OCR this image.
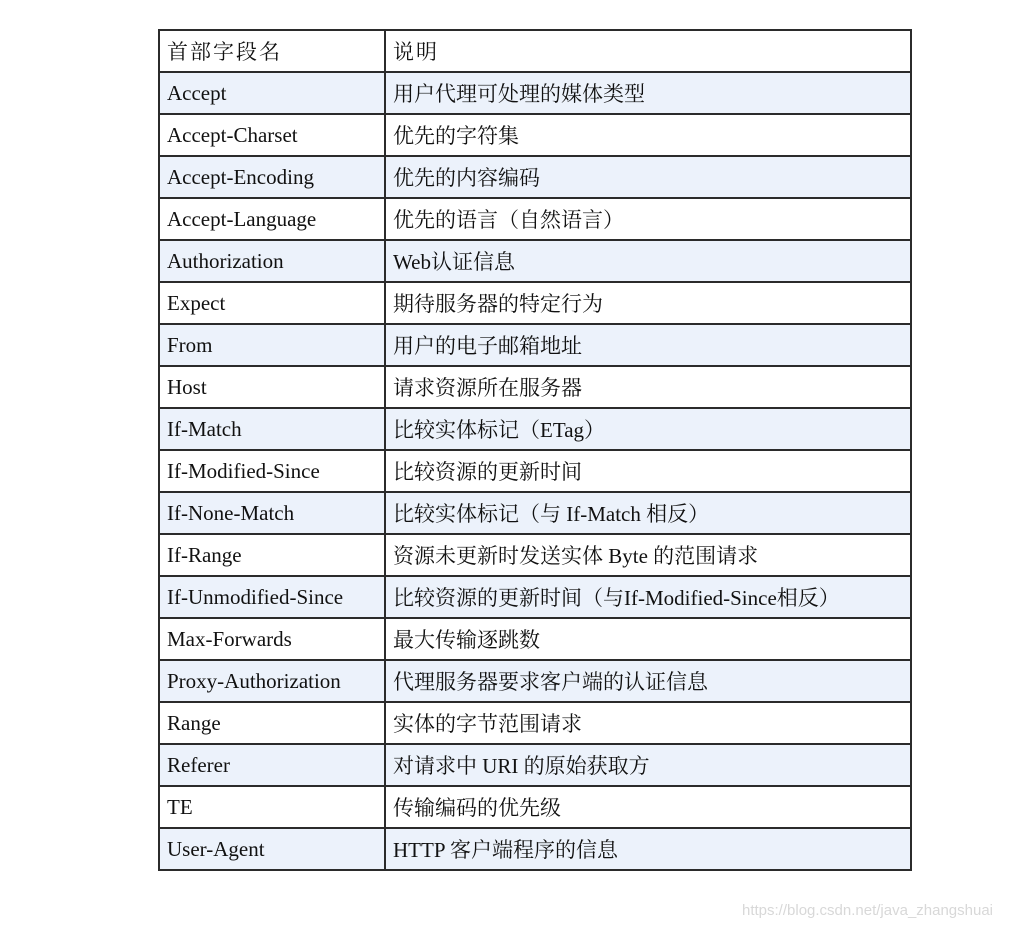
首部字段名	说明
Accept	用户代理可处理的媒体类型
Accept-Charset	优先的字符集
Accept-Encoding	优先的内容编码
Accept-Language	优先的语言（自然语言）
Authorization	Web认证信息
Expect	期待服务器的特定行为
From	用户的电子邮箱地址
Host	请求资源所在服务器
If-Match	比较实体标记（ETag）
If-Modified-Since	比较资源的更新时间
If-None-Match	比较实体标记（与 If-Match 相反）
If-Range	资源未更新时发送实体 Byte 的范围请求
If-Unmodified-Since	比较资源的更新时间（与If-Modified-Since相反）
Max-Forwards	最大传输逐跳数
Proxy-Authorization	代理服务器要求客户端的认证信息
Range	实体的字节范围请求
Referer	对请求中 URI 的原始获取方
TE	传输编码的优先级
User-Agent	HTTP 客户端程序的信息
https://blog.csdn.net/java_zhangshuai
